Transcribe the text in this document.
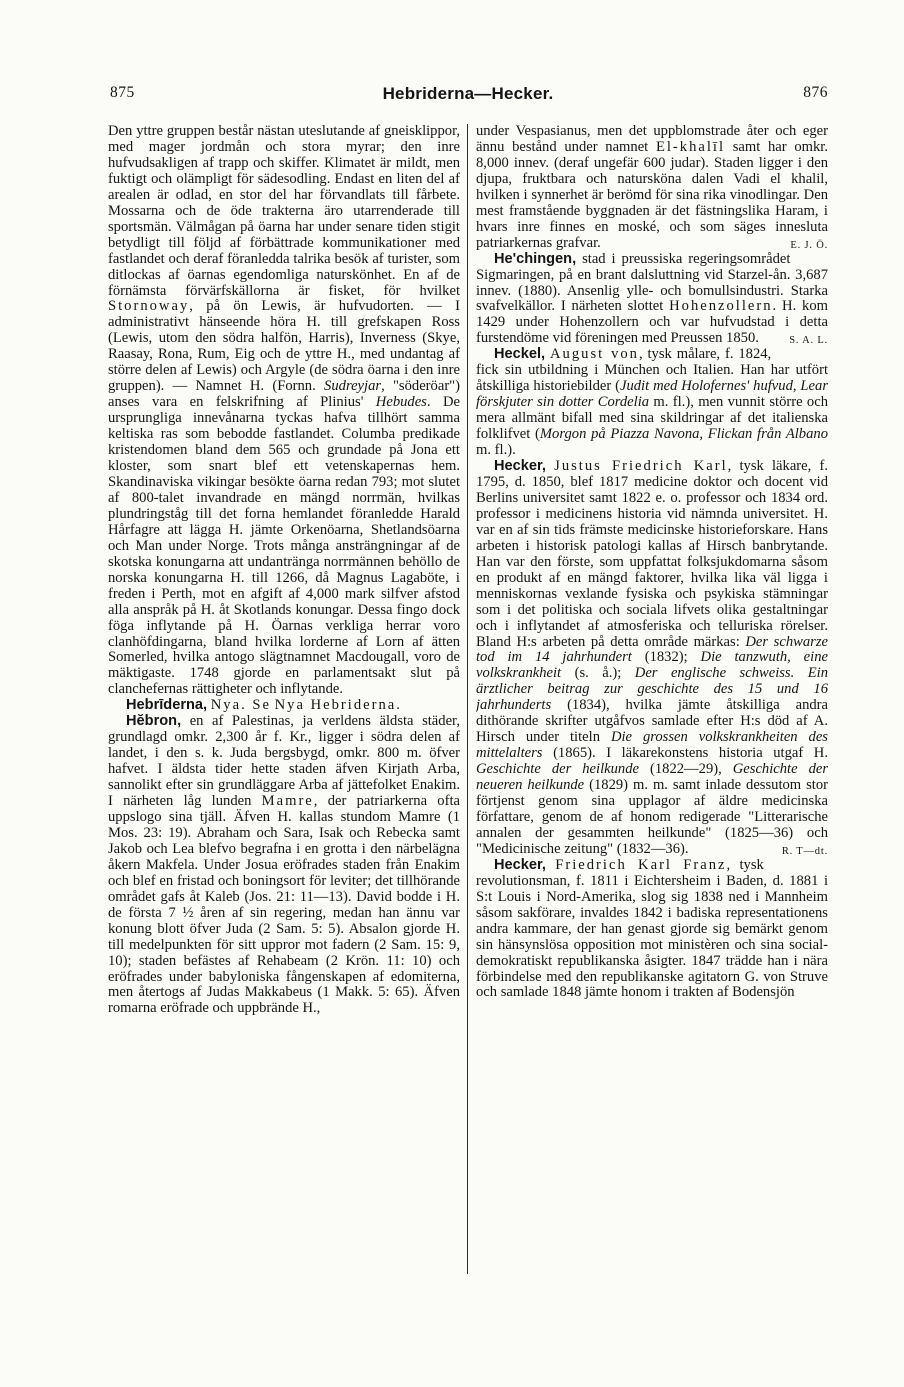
875	Hebriderna—Hecker.	876

Den yttre gruppen består nästan uteslutande af gneisklippor, med mager jordmån och stora myrar; den inre hufvudsakligen af trapp och skiffer. Klimatet är mildt, men fuktigt och olämpligt för sädesodling. Endast en liten del af arealen är odlad, en stor del har förvandlats till fårbete. Mossarna och de öde trakterna äro utarrenderade till sportsmän. Välmågan på öarna har under senare tiden stigit betydligt till följd af förbättrade kommunikationer med fastlandet och deraf föranledda talrika besök af turister, som ditlockas af öarnas egendomliga naturskönhet. En af de förnämsta förvärfskällorna är fisket, för hvilket Stornoway, på ön Lewis, är hufvudorten. — I administrativt hänseende höra H. till grefskapen Ross (Lewis, utom den södra halfön, Harris), Inverness (Skye, Raasay, Rona, Rum, Eig och de yttre H., med undantag af större delen af Lewis) och Argyle (de södra öarna i den inre gruppen). — Namnet H. (Fornn. Sudreyjar, "söderöar") anses vara en felskrifning af Plinius' Hebudes. De ursprungliga innevånarna tyckas hafva tillhört samma keltiska ras som bebodde fastlandet. Columba predikade kristendomen bland dem 565 och grundade på Jona ett kloster, som snart blef ett vetenskapernas hem. Skandinaviska vikingar besökte öarna redan 793; mot slutet af 800-talet invandrade en mängd norrmän, hvilkas plundringståg till det forna hemlandet föranledde Harald Hårfagre att lägga H. jämte Orkenöarna, Shetlandsöarna och Man under Norge. Trots många ansträngningar af de skotska konungarna att undantränga norrmännen behöllo de norska konungarna H. till 1266, då Magnus Lagaböte, i freden i Perth, mot en afgift af 4,000 mark silfver afstod alla anspråk på H. åt Skotlands konungar. Dessa fingo dock föga inflytande på H. Öarnas verkliga herrar voro clanhöfdingarna, bland hvilka lorderne af Lorn af ätten Somerled, hvilka antogo slägtnamnet Macdougall, voro de mäktigaste. 1748 gjorde en parlamentsakt slut på clanchefernas rättigheter och inflytande.

Hebrīderna, Nya. Se Nya Hebriderna.

Hĕbron, en af Palestinas, ja verldens äldsta städer, grundlagd omkr. 2,300 år f. Kr., ligger i södra delen af landet, i den s. k. Juda bergsbygd, omkr. 800 m. öfver hafvet. I äldsta tider hette staden äfven Kirjath Arba, sannolikt efter sin grundläggare Arba af jättefolket Enakim. I närheten låg lunden Mamre, der patriarkerna ofta uppslogo sina tjäll. Äfven H. kallas stundom Mamre (1 Mos. 23: 19). Abraham och Sara, Isak och Rebecka samt Jakob och Lea blefvo begrafna i en grotta i den närbelägna åkern Makfela. Under Josua eröfrades staden från Enakim och blef en fristad och boningsort för leviter; det tillhörande området gafs åt Kaleb (Jos. 21: 11—13). David bodde i H. de första 7 ½ åren af sin regering, medan han ännu var konung blott öfver Juda (2 Sam. 5: 5). Absalon gjorde H. till medelpunkten för sitt uppror mot fadern (2 Sam. 15: 9, 10); staden befästes af Rehabeam (2 Krön. 11: 10) och eröfrades under babyloniska fångenskapen af edomiterna, men återtogs af Judas Makkabeus (1 Makk. 5: 65). Äfven romarna eröfrade och uppbrände H.,

under Vespasianus, men det uppblomstrade åter och eger ännu bestånd under namnet El-khalīl samt har omkr. 8,000 innev. (deraf ungefär 600 judar). Staden ligger i den djupa, fruktbara och natursköna dalen Vadi el khalil, hvilken i synnerhet är berömd för sina rika vinodlingar. Den mest framstående byggnaden är det fästningslika Haram, i hvars inre finnes en moské, och som säges innesluta patriarkernas grafvar.	E. J. Ö.

He'chingen, stad i preussiska regeringsområdet Sigmaringen, på en brant dalsluttning vid Starzel-ån. 3,687 innev. (1880). Ansenlig ylle- och bomullsindustri. Starka svafvelkällor. I närheten slottet Hohenzollern. H. kom 1429 under Hohenzollern och var hufvudstad i detta furstendöme vid föreningen med Preussen 1850.	S. A. L.

Heckel, August von, tysk målare, f. 1824, fick sin utbildning i München och Italien. Han har utfört åtskilliga historiebilder (Judit med Holofernes' hufvud, Lear förskjuter sin dotter Cordelia m. fl.), men vunnit större och mera allmänt bifall med sina skildringar af det italienska folklifvet (Morgon på Piazza Navona, Flickan från Albano m. fl.).

Hecker, Justus Friedrich Karl, tysk läkare, f. 1795, d. 1850, blef 1817 medicine doktor och docent vid Berlins universitet samt 1822 e. o. professor och 1834 ord. professor i medicinens historia vid nämnda universitet. H. var en af sin tids främste medicinske historieforskare. Hans arbeten i historisk patologi kallas af Hirsch banbrytande. Han var den förste, som uppfattat folksjukdomarna såsom en produkt af en mängd faktorer, hvilka lika väl ligga i menniskornas vexlande fysiska och psykiska stämningar som i det politiska och sociala lifvets olika gestaltningar och i inflytandet af atmosferiska och telluriska rörelser. Bland H:s arbeten på detta område märkas: Der schwarze tod im 14 jahrhundert (1832); Die tanzwuth, eine volkskrankheit (s. å.); Der englische schweiss. Ein ärztlicher beitrag zur geschichte des 15 und 16 jahrhunderts (1834), hvilka jämte åtskilliga andra dithörande skrifter utgåfvos samlade efter H:s död af A. Hirsch under titeln Die grossen volkskrankheiten des mittelalters (1865). I läkarekonstens historia utgaf H. Geschichte der heilkunde (1822—29), Geschichte der neueren heilkunde (1829) m. m. samt inlade dessutom stor förtjenst genom sina upplagor af äldre medicinska författare, genom de af honom redigerade "Litterarische annalen der gesammten heilkunde" (1825—36) och "Medicinische zeitung" (1832—36).	R. T—dt.

Hecker, Friedrich Karl Franz, tysk revolutionsman, f. 1811 i Eichtersheim i Baden, d. 1881 i S:t Louis i Nord-Amerika, slog sig 1838 ned i Mannheim såsom sakförare, invaldes 1842 i badiska representationens andra kammare, der han genast gjorde sig bemärkt genom sin hänsynslösa opposition mot ministèren och sina social-demokratiskt republikanska åsigter. 1847 trädde han i nära förbindelse med den republikanske agitatorn G. von Struve och samlade 1848 jämte honom i trakten af Bodensjön
